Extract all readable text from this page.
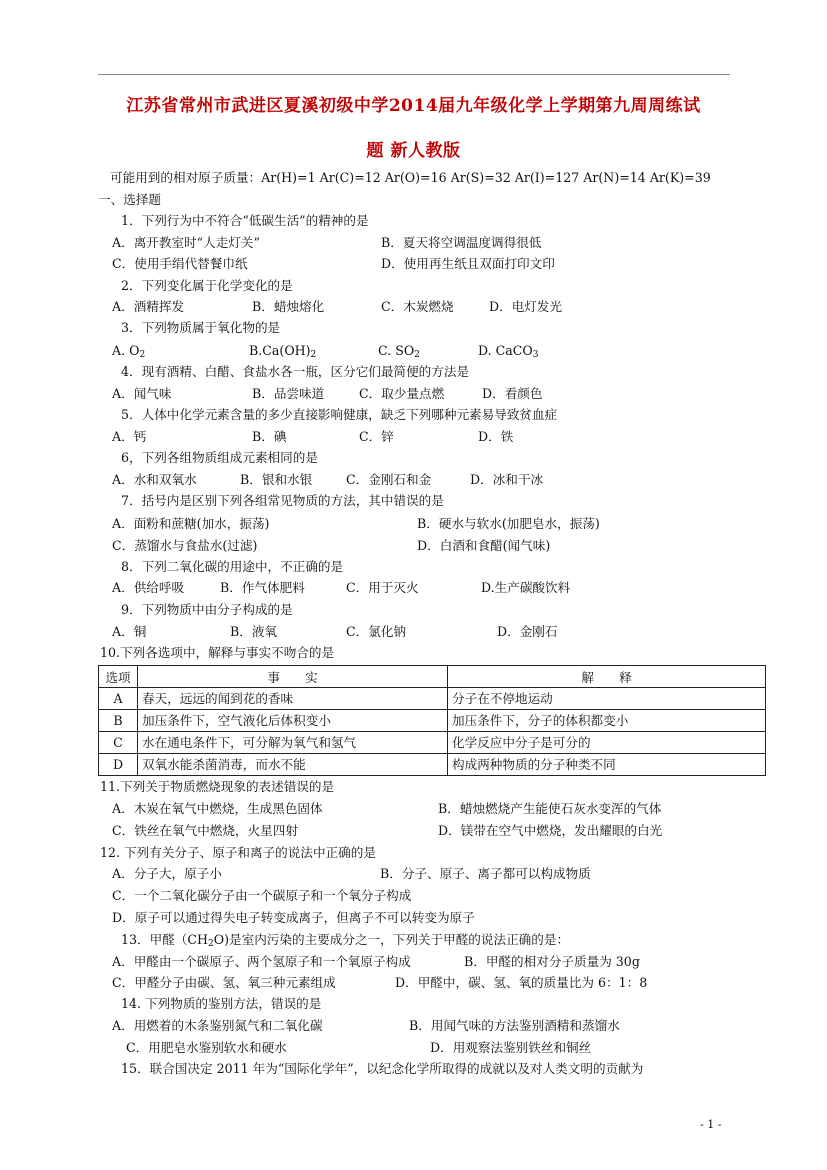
江苏省常州市武进区夏溪初级中学2014届九年级化学上学期第九周周练试
题 新人教版
可能用到的相对原子质量：Ar(H)=1 Ar(C)=12 Ar(O)=16 Ar(S)=32 Ar(I)=127 Ar(N)=14 Ar(K)=39
一、选择题
1．下列行为中不符合“低碳生活”的精神的是
A．离开教室时“人走灯关”	B．夏天将空调温度调得很低
C．使用手绢代替餐巾纸	D．使用再生纸且双面打印文印
2．下列变化属于化学变化的是
A．酒精挥发	B．蜡烛熔化	C．木炭燃烧	D．电灯发光
3．下列物质属于氧化物的是
A. $O_2$	$B.Ca(OH)_2$	C. $SO_2$	D. CaCO$_3$
4．现有酒精、白醋、食盐水各一瓶，区分它们最简便的方法是
A．闻气味	B．品尝味道	C．取少量点燃	D．看颜色
5．人体中化学元素含量的多少直接影响健康，缺乏下列哪种元素易导致贫血症
A．钙	B．碘	C．锌	D．铁
6，下列各组物质组成元素相同的是
A．水和双氧水	B．银和水银	C．金刚石和金	D．冰和干冰
7．括号内是区别下列各组常见物质的方法，其中错误的是
A．面粉和蔗糖(加水，振荡)	B．硬水与软水(加肥皂水，振荡)
C．蒸馏水与食盐水(过滤)	D．白酒和食醋(闻气味)
8．下列二氧化碳的用途中，不正确的是
A．供给呼吸	B．作气体肥料	C．用于灭火	D.生产碳酸饮料
9．下列物质中由分子构成的是
A．铜	B．液氧	C．氯化钠	D．金刚石
10.下列各选项中，解释与事实不吻合的是
选项	事　　实	解　　释
A	春天，远远的闻到花的香味	分子在不停地运动
B	加压条件下，空气液化后体积变小	加压条件下，分子的体积都变小
C	水在通电条件下，可分解为氧气和氢气	化学反应中分子是可分的
D	双氧水能杀菌消毒，而水不能	构成两种物质的分子种类不同
11.下列关于物质燃烧现象的表述错误的是
A．木炭在氧气中燃烧，生成黑色固体	B．蜡烛燃烧产生能使石灰水变浑的气体
C．铁丝在氧气中燃烧，火星四射	D．镁带在空气中燃烧，发出耀眼的白光
12. 下列有关分子、原子和离子的说法中正确的是
A．分子大，原子小	B．分子、原子、离子都可以构成物质
C．一个二氧化碳分子由一个碳原子和一个氧分子构成
D．原子可以通过得失电子转变成离子，但离子不可以转变为原子
13．甲醛$(CH_2O)$是室内污染的主要成分之一，下列关于甲醛的说法正确的是：
A．甲醛由一个碳原子、两个氢原子和一个氧原子构成	B．甲醛的相对分子质量为 30g
C．甲醛分子由碳、氢、氧三种元素组成	D．甲醛中，碳、氢、氧的质量比为 6：1：8
14. 下列物质的鉴别方法，错误的是
A．用燃着的木条鉴别氮气和二氧化碳	B．用闻气味的方法鉴别酒精和蒸馏水
C．用肥皂水鉴别软水和硬水	D．用观察法鉴别铁丝和铜丝
15．联合国决定 2011 年为“国际化学年”，以纪念化学所取得的成就以及对人类文明的贡献为
- 1 -
